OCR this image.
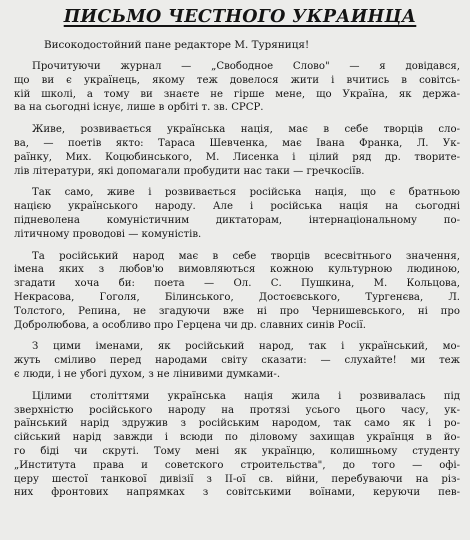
ПИСЬМО ЧЕСТНОГО УКРАИНЦА
Високодостойний пане редакторе М. Туряниця!
Прочитуючи журнал — „Свободное Слово" — я довідався,
що ви є українець, якому теж довелося жити і вчитись в совітсь-
кій школі, а тому ви знаєте не гірше мене, що Україна, як держа-
ва на сьогодні існує, лише в орбіті т. зв. СРСР.
Живе, розвивається українська нація, має в себе творців сло-
ва, — поетів якто: Тараса Шевченка, має Івана Франка, Л. Ук-
раїнку, Мих. Коцюбинського, М. Лисенка і цілий ряд др. творите-
лів літератури, які допомагали пробудити нас таки — гречкосіїв.
Так само, живе і розвивається російська нація, що є братньою
нацією українського народу. Але і російська нація на сьогодні
підневолена комуністичним диктаторам, інтернаціональному по-
літичному проводові — комуністів.
Та російський народ має в себе творців всесвітнього значення,
імена яких з любов'ю вимовляються кожною культурною людиною,
згадати хоча би: поета — Ол. С. Пушкина, М. Кольцова,
Некрасова, Гоголя, Білинського, Достоєвського, Тургенєва, Л.
Толстого, Репина, не згадуючи вже ні про Чернишевського, ні про
Добролюбова, а особливо про Герцена чи др. славних синів Росії.
З цими іменами, як російський народ, так і український, мо-
жуть сміливо перед народами світу сказати: — слухайте! ми теж
є люди, і не убогі духом, з не лінивими думками-.
Цілими століттями українська нація жила і розвивалась під
зверхністю російського народу на протязі усього цього часу, ук-
раїнський нарід здружив з російським народом, так само як і ро-
сійський нарід завжди і всюди по діловому захищав українця в йо-
го біді чи скруті. Тому мені як українцю, колишньому студенту
„Института права и советского строительства", до того — офі-
церу шестої танкової дивізії з ІІ-ої св. війни, перебуваючи на різ-
них фронтових напрямках з совітськими воїнами, керуючи пев-
